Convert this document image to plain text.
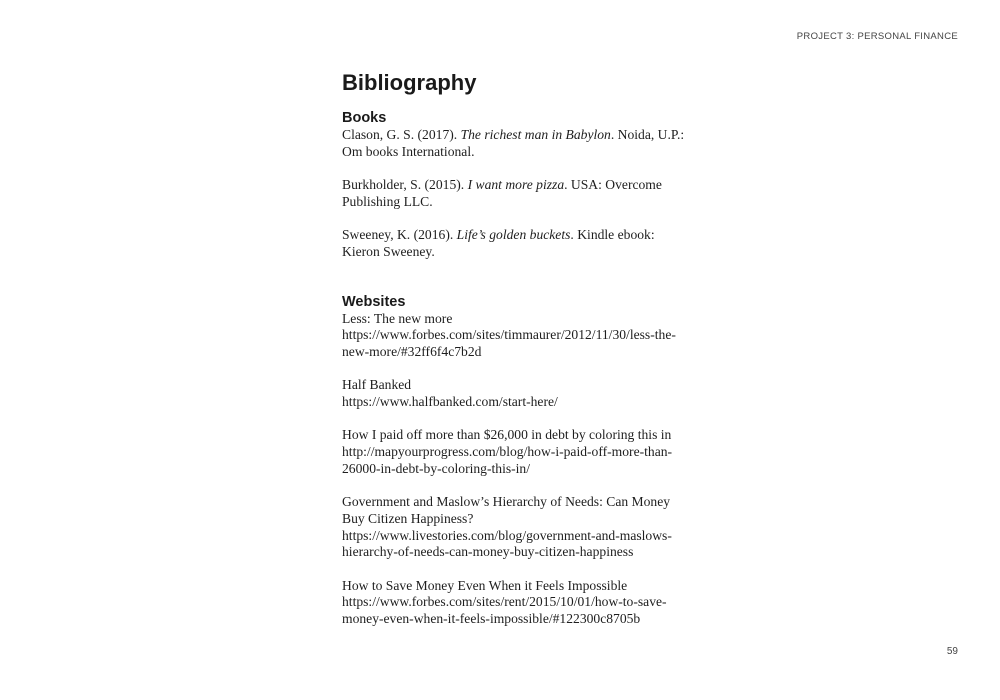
PROJECT 3: PERSONAL FINANCE
Bibliography
Books

Clason, G. S. (2017). The richest man in Babylon. Noida, U.P.: Om books International.

Burkholder, S. (2015). I want more pizza. USA: Overcome Publishing LLC.

Sweeney, K. (2016). Life’s golden buckets. Kindle ebook: Kieron Sweeney.

Websites

Less: The new more
https://www.forbes.com/sites/timmaurer/2012/11/30/less-the-new-more/#32ff6f4c7b2d

Half Banked
https://www.halfbanked.com/start-here/

How I paid off more than $26,000 in debt by coloring this in
http://mapyourprogress.com/blog/how-i-paid-off-more-than-26000-in-debt-by-coloring-this-in/

Government and Maslow’s Hierarchy of Needs: Can Money Buy Citizen Happiness?
https://www.livestories.com/blog/government-and-maslows-hierarchy-of-needs-can-money-buy-citizen-happiness

How to Save Money Even When it Feels Impossible
https://www.forbes.com/sites/rent/2015/10/01/how-to-save-money-even-when-it-feels-impossible/#122300c8705b

59
